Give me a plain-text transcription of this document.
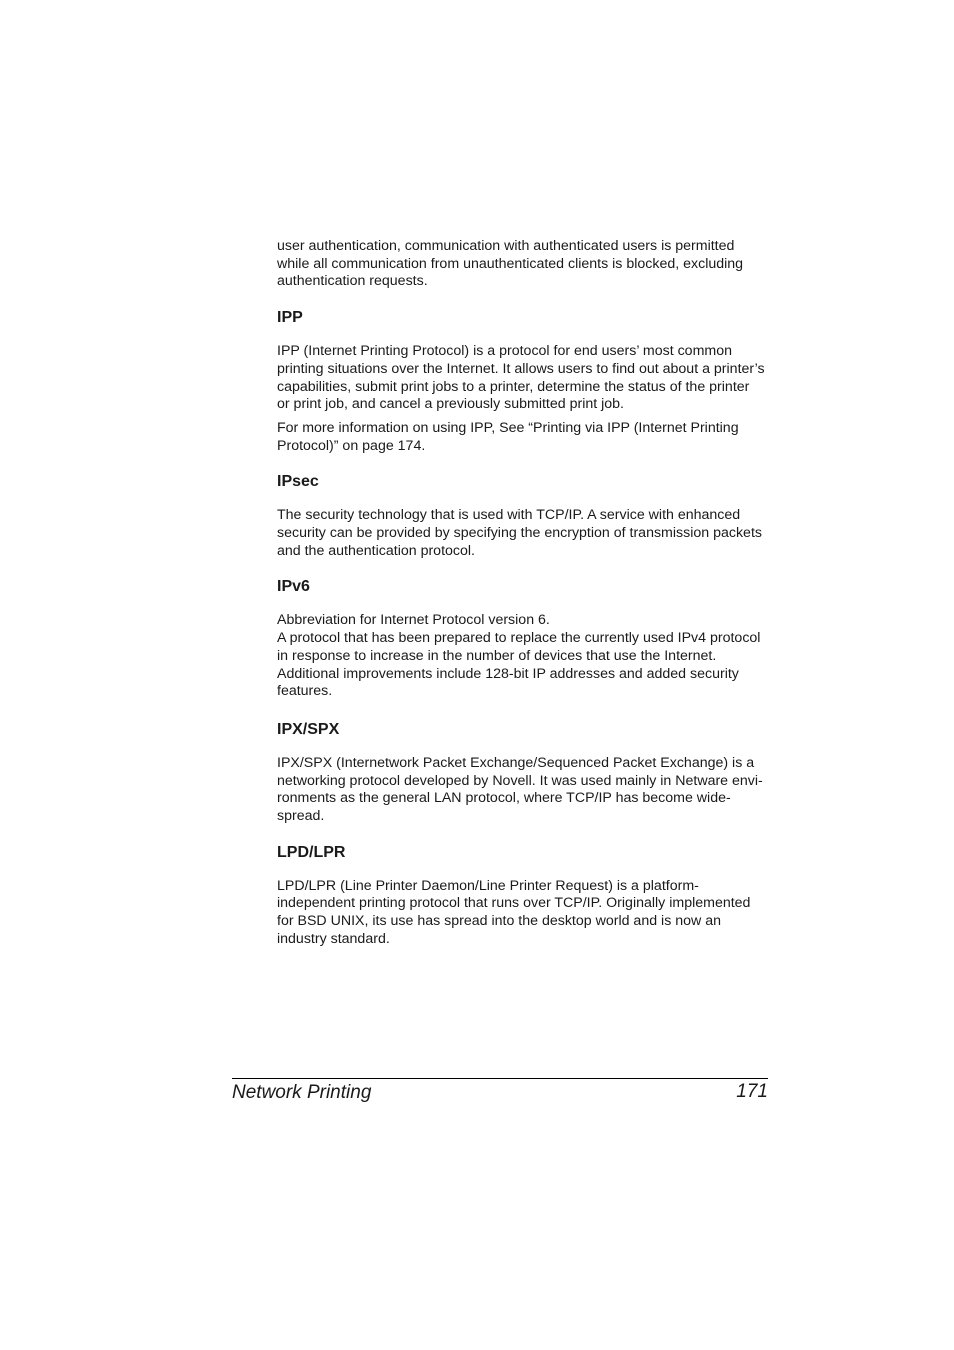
user authentication, communication with authenticated users is permitted
while all communication from unauthenticated clients is blocked, excluding
authentication requests.

IPP

IPP (Internet Printing Protocol) is a protocol for end users’ most common
printing situations over the Internet. It allows users to find out about a printer’s
capabilities, submit print jobs to a printer, determine the status of the printer
or print job, and cancel a previously submitted print job.

For more information on using IPP, See “Printing via IPP (Internet Printing
Protocol)” on page 174.

IPsec

The security technology that is used with TCP/IP. A service with enhanced
security can be provided by specifying the encryption of transmission packets
and the authentication protocol.

IPv6

Abbreviation for Internet Protocol version 6.
A protocol that has been prepared to replace the currently used IPv4 protocol
in response to increase in the number of devices that use the Internet.
Additional improvements include 128-bit IP addresses and added security
features.

IPX/SPX

IPX/SPX (Internetwork Packet Exchange/Sequenced Packet Exchange) is a
networking protocol developed by Novell. It was used mainly in Netware envi-
ronments as the general LAN protocol, where TCP/IP has become wide-
spread.

LPD/LPR

LPD/LPR (Line Printer Daemon/Line Printer Request) is a platform-
independent printing protocol that runs over TCP/IP. Originally implemented
for BSD UNIX, its use has spread into the desktop world and is now an
industry standard.

Network Printing	171
